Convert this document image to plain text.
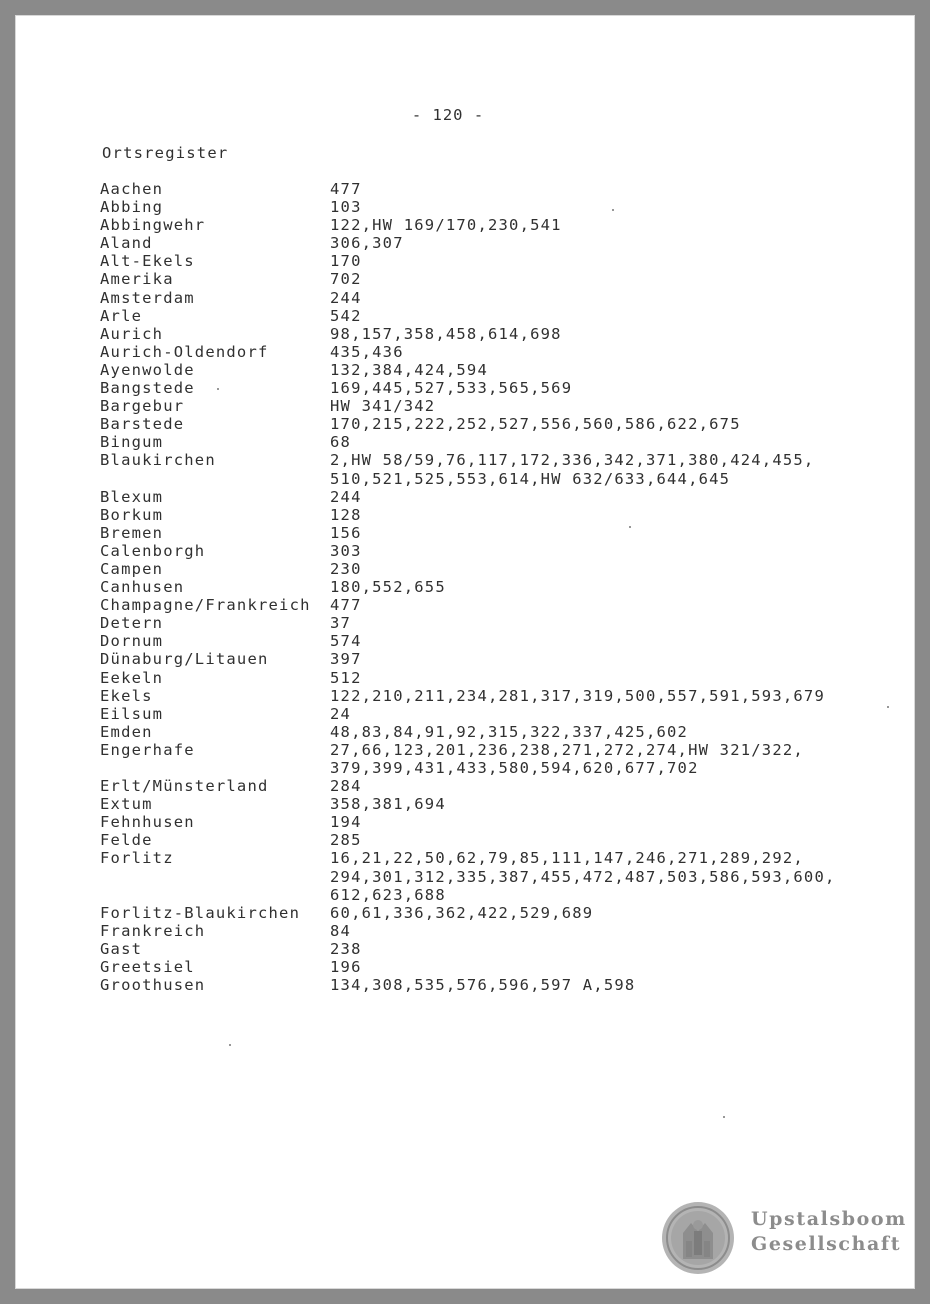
- 120 -
Ortsregister
Aachen	477
Abbing	103
Abbingwehr	122,HW 169/170,230,541
Aland	306,307
Alt-Ekels	170
Amerika	702
Amsterdam	244
Arle	542
Aurich	98,157,358,458,614,698
Aurich-Oldendorf	435,436
Ayenwolde	132,384,424,594
Bangstede	169,445,527,533,565,569
Bargebur	HW 341/342
Barstede	170,215,222,252,527,556,560,586,622,675
Bingum	68
Blaukirchen	2,HW 58/59,76,117,172,336,342,371,380,424,455,
510,521,525,553,614,HW 632/633,644,645
Blexum	244
Borkum	128
Bremen	156
Calenborgh	303
Campen	230
Canhusen	180,552,655
Champagne/Frankreich	477
Detern	37
Dornum	574
Dünaburg/Litauen	397
Eekeln	512
Ekels	122,210,211,234,281,317,319,500,557,591,593,679
Eilsum	24
Emden	48,83,84,91,92,315,322,337,425,602
Engerhafe	27,66,123,201,236,238,271,272,274,HW 321/322,
379,399,431,433,580,594,620,677,702
Erlt/Münsterland	284
Extum	358,381,694
Fehnhusen	194
Felde	285
Forlitz	16,21,22,50,62,79,85,111,147,246,271,289,292,
294,301,312,335,387,455,472,487,503,586,593,600,
612,623,688
Forlitz-Blaukirchen	60,61,336,362,422,529,689
Frankreich	84
Gast	238
Greetsiel	196
Groothusen	134,308,535,576,596,597 A,598
Upstalsboom
Gesellschaft
